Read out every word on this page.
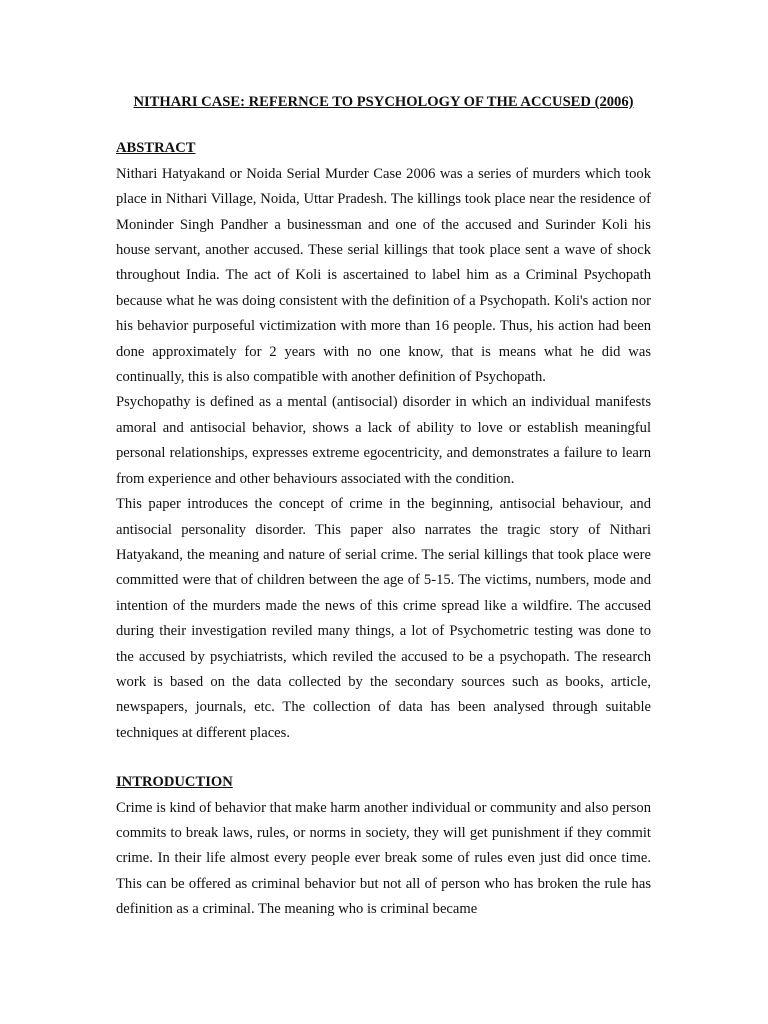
NITHARI CASE: REFERNCE TO PSYCHOLOGY OF THE ACCUSED (2006)
ABSTRACT

Nithari Hatyakand or Noida Serial Murder Case 2006 was a series of murders which took place in Nithari Village, Noida, Uttar Pradesh. The killings took place near the residence of Moninder Singh Pandher a businessman and one of the accused and Surinder Koli his house servant, another accused. These serial killings that took place sent a wave of shock throughout India. The act of Koli is ascertained to label him as a Criminal Psychopath because what he was doing consistent with the definition of a Psychopath. Koli's action nor his behavior purposeful victimization with more than 16 people. Thus, his action had been done approximately for 2 years with no one know, that is means what he did was continually, this is also compatible with another definition of Psychopath.

Psychopathy is defined as a mental (antisocial) disorder in which an individual manifests amoral and antisocial behavior, shows a lack of ability to love or establish meaningful personal relationships, expresses extreme egocentricity, and demonstrates a failure to learn from experience and other behaviours associated with the condition.

This paper introduces the concept of crime in the beginning, antisocial behaviour, and antisocial personality disorder. This paper also narrates the tragic story of Nithari Hatyakand, the meaning and nature of serial crime. The serial killings that took place were committed were that of children between the age of 5-15. The victims, numbers, mode and intention of the murders made the news of this crime spread like a wildfire. The accused during their investigation reviled many things, a lot of Psychometric testing was done to the accused by psychiatrists, which reviled the accused to be a psychopath. The research work is based on the data collected by the secondary sources such as books, article, newspapers, journals, etc. The collection of data has been analysed through suitable techniques at different places.

INTRODUCTION

Crime is kind of behavior that make harm another individual or community and also person commits to break laws, rules, or norms in society, they will get punishment if they commit crime. In their life almost every people ever break some of rules even just did once time. This can be offered as criminal behavior but not all of person who has broken the rule has definition as a criminal. The meaning who is criminal became
